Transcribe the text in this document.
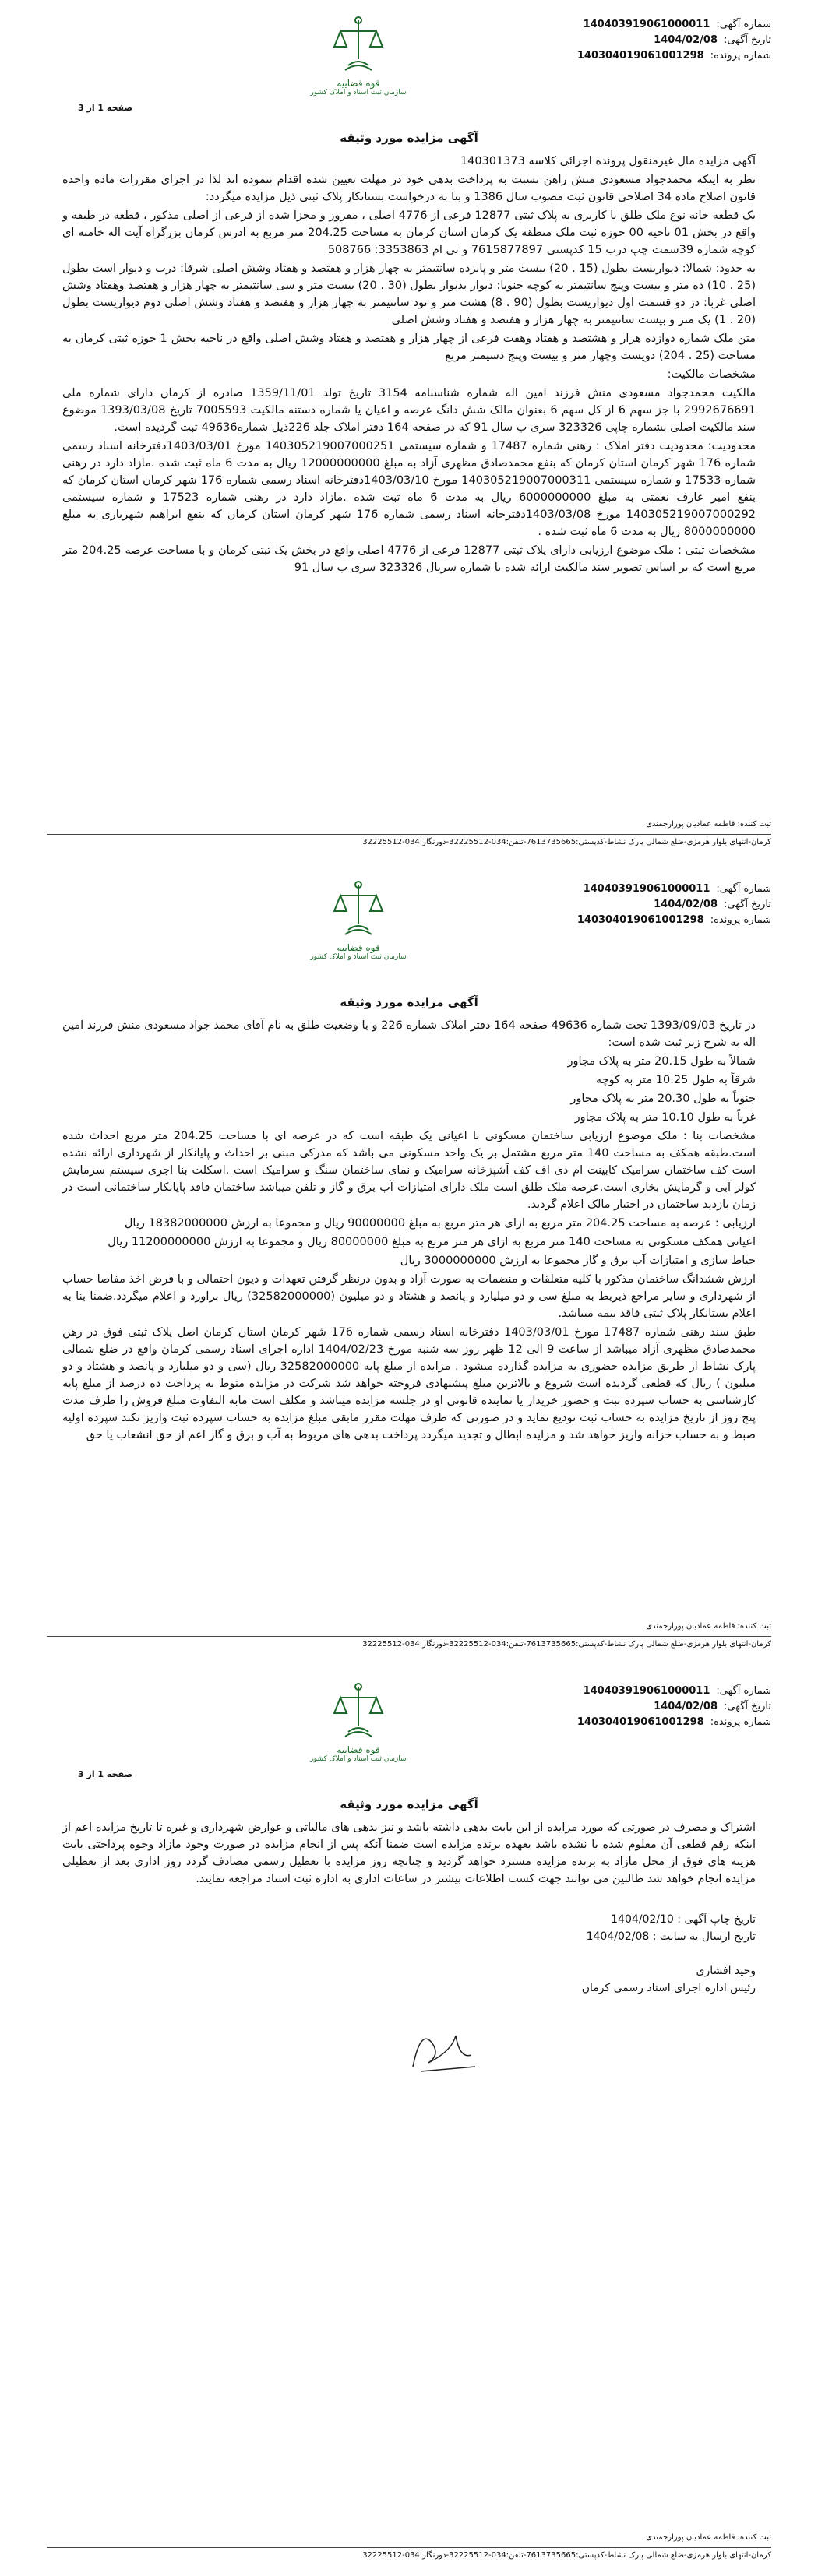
قوه قضاییه
سازمان ثبت اسناد و املاک کشور
شماره آگهی:140403919061000011
تاریخ آگهی:1404/02/08
شماره پرونده:140304019061001298
صفحه 1 از 3
آگهی مزایده مورد وثیقه

آگهی مزایده مال غیرمنقول پرونده اجرائی کلاسه 140301373

نظر به اینکه محمدجواد مسعودی منش راهن نسبت به پرداخت بدهی خود در مهلت تعیین شده اقدام ننموده اند لذا در اجرای مقررات ماده واحده قانون اصلاح ماده 34 اصلاحی قانون ثبت مصوب سال 1386 و بنا به درخواست بستانکار پلاک ثبتی ذیل مزایده میگردد:

یک قطعه خانه نوع ملک طلق با کاربری به پلاک ثبتی 12877 فرعی از 4776 اصلی ، مفروز و مجزا شده از فرعی از اصلی مذکور ، قطعه در طبقه و واقع در بخش 01 ناحیه 00 حوزه ثبت ملک منطقه یک کرمان استان کرمان به مساحت 204.25 متر مربع به ادرس کرمان بزرگراه آیت اله خامنه ای کوچه شماره 39سمت چپ درب 15 کدپستی 7615877897 و تی ام 3353863: 508766

به حدود: شمالا: دیواریست بطول (15 . 20) بیست متر و پانزده سانتیمتر به چهار هزار و هفتصد و هفتاد وشش اصلی شرقا: درب و دیوار است بطول (25 . 10) ده متر و بیست وپنج سانتیمتر به کوچه جنوبا: دیوار بدیوار بطول (30 . 20) بیست متر و سی سانتیمتر به چهار هزار و هفتصد وهفتاد وشش اصلی غربا: در دو قسمت اول دیواریست بطول (90 . 8) هشت متر و نود سانتیمتر به چهار هزار و هفتصد و هفتاد وشش اصلی دوم دیواریست بطول (20 . 1) یک متر و بیست سانتیمتر به چهار هزار و هفتصد و هفتاد وشش اصلی

متن ملک شماره دوازده هزار و هشتصد و هفتاد وهفت فرعی از چهار هزار و هفتصد و هفتاد وشش اصلی واقع در ناحیه بخش 1 حوزه ثبتی کرمان به مساحت (25 . 204) دویست وچهار متر و بیست وپنج دسیمتر مربع

مشخصات مالکیت:

مالکیت محمدجواد مسعودی منش فرزند امین اله شماره شناسنامه 3154 تاریخ تولد 1359/11/01 صادره از کرمان دارای شماره ملی 2992676691 با جز سهم 6 از کل سهم 6 بعنوان مالک شش دانگ عرصه و اعیان یا شماره دستنه مالکیت 7005593 تاریخ 1393/03/08 موضوع سند مالکیت اصلی بشماره چاپی 323326 سری ب سال 91 که در صفحه 164 دفتر املاک جلد 226ذیل شماره49636 ثبت گردیده است.

محدودیت: محدودیت دفتر املاک : رهنی شماره 17487 و شماره سیستمی 140305219007000251 مورخ 1403/03/01دفترخانه اسناد رسمی شماره 176 شهر کرمان استان کرمان که بنفع محمدصادق مظهری آزاد به مبلغ 12000000000 ریال به مدت 6 ماه ثبت شده .مازاد دارد در رهنی شماره 17533 و شماره سیستمی 140305219007000311 مورخ 1403/03/10دفترخانه اسناد رسمی شماره 176 شهر کرمان استان کرمان که بنفع امیر عارف نعمتی به مبلغ 6000000000 ریال به مدت 6 ماه ثبت شده .مازاد دارد در رهنی شماره 17523 و شماره سیستمی 140305219007000292 مورخ 1403/03/08دفترخانه اسناد رسمی شماره 176 شهر کرمان استان کرمان که بنفع ابراهیم شهریاری به مبلغ 8000000000 ریال به مدت 6 ماه ثبت شده .

مشخصات ثبتی : ملک موضوع ارزیابی دارای پلاک ثبتی 12877 فرعی از 4776 اصلی واقع در بخش یک ثبتی کرمان و با مساحت عرصه 204.25 متر مربع است که بر اساس تصویر سند مالکیت ارائه شده با شماره سریال 323326 سری ب سال 91

ثبت کننده: فاطمه عمادیان پورارجمندی
کرمان-انتهای بلوار هرمزی-ضلع شمالی پارک نشاط-کدپستی:7613735665-تلفن:034-32225512-دورنگار:034-32225512
قوه قضاییه
سازمان ثبت اسناد و املاک کشور
شماره آگهی:140403919061000011
تاریخ آگهی:1404/02/08
شماره پرونده:140304019061001298
آگهی مزایده مورد وثیقه

در تاریخ 1393/09/03 تحت شماره 49636 صفحه 164 دفتر املاک شماره 226 و با وضعیت طلق به نام آقای محمد جواد مسعودی منش فرزند امین اله به شرح زیر ثبت شده است:

شمالاً به طول 20.15 متر به پلاک مجاور

شرقاً به طول 10.25 متر به کوچه

جنوباً به طول 20.30 متر به پلاک مجاور

غرباً به طول 10.10 متر به پلاک مجاور

مشخصات بنا : ملک موضوع ارزیابی ساختمان مسکونی با اعیانی یک طبقه است که در عرصه ای با مساحت 204.25 متر مربع احداث شده است.طبقه همکف به مساحت 140 متر مربع مشتمل بر یک واحد مسکونی می باشد که مدرکی مبنی بر احداث و پایانکار از شهرداری ارائه نشده است کف ساختمان سرامیک کابینت ام دی اف کف آشپزخانه سرامیک و نمای ساختمان سنگ و سرامیک است .اسکلت بنا اجری سیستم سرمایش کولر آبی و گرمایش بخاری است.عرصه ملک طلق است ملک دارای امتیازات آب برق و گاز و تلفن میباشد ساختمان فاقد پایانکار ساختمانی است در زمان بازدید ساختمان در اختیار مالک اعلام گردید.

ارزیابی : عرصه به مساحت 204.25 متر مربع به ازای هر متر مربع به مبلغ 90000000 ریال و مجموعا به ارزش 18382000000 ریال

اعیانی همکف مسکونی به مساحت 140 متر مربع به ازای هر متر مربع به مبلغ 80000000 ریال و مجموعا به ارزش 11200000000 ریال

حیاط سازی و امتیازات آب برق و گاز مجموعا به ارزش 3000000000 ریال

ارزش ششدانگ ساختمان مذکور با کلیه متعلقات و منضمات به صورت آزاد و بدون درنظر گرفتن تعهدات و دیون احتمالی و با فرض اخذ مفاصا حساب از شهرداری و سایر مراجع ذیربط به مبلغ سی و دو میلیارد و پانصد و هشتاد و دو میلیون (32582000000) ریال براورد و اعلام میگردد.ضمنا بنا به اعلام بستانکار پلاک ثبتی فاقد بیمه میباشد.

طبق سند رهنی شماره 17487 مورخ 1403/03/01 دفترخانه اسناد رسمی شماره 176 شهر کرمان استان کرمان اصل پلاک ثبتی فوق در رهن محمدصادق مظهری آزاد میباشد از ساعت 9 الی 12 ظهر روز سه شنبه مورخ 1404/02/23 اداره اجرای اسناد رسمی کرمان واقع در ضلع شمالی پارک نشاط از طریق مزایده حضوری به مزایده گذارده میشود . مزایده از مبلغ پایه 32582000000 ریال (سی و دو میلیارد و پانصد و هشتاد و دو میلیون ) ریال که قطعی گردیده است شروع و بالاترین مبلغ پیشنهادی فروخته خواهد شد شرکت در مزایده منوط به پرداخت ده درصد از مبلغ پایه کارشناسی به حساب سپرده ثبت و حضور خریدار یا نماینده قانونی او در جلسه مزایده میباشد و مکلف است مابه التفاوت مبلغ فروش را ظرف مدت پنج روز از تاریخ مزایده به حساب ثبت تودیع نماید و در صورتی که ظرف مهلت مقرر مابقی مبلغ مزایده به حساب سپرده ثبت واریز نکند سپرده اولیه ضبط و به حساب خزانه واریز خواهد شد و مزایده ابطال و تجدید میگردد پرداخت بدهی های مربوط به آب و برق و گاز اعم از حق انشعاب یا حق

ثبت کننده: فاطمه عمادیان پورارجمندی
کرمان-انتهای بلوار هرمزی-ضلع شمالی پارک نشاط-کدپستی:7613735665-تلفن:034-32225512-دورنگار:034-32225512
قوه قضاییه
سازمان ثبت اسناد و املاک کشور
شماره آگهی:140403919061000011
تاریخ آگهی:1404/02/08
شماره پرونده:140304019061001298
صفحه 1 از 3
آگهی مزایده مورد وثیقه

اشتراک و مصرف در صورتی که مورد مزایده از این بابت بدهی داشته باشد و نیز بدهی های مالیاتی و عوارض شهرداری و غیره تا تاریخ مزایده اعم از اینکه رقم قطعی آن معلوم شده یا نشده باشد بعهده برنده مزایده است ضمنا آنکه پس از انجام مزایده در صورت وجود مازاد وجوه پرداختی بابت هزینه های فوق از محل مازاد به برنده مزایده مسترد خواهد گردید و چنانچه روز مزایده با تعطیل رسمی مصادف گردد روز اداری بعد از تعطیلی مزایده انجام خواهد شد طالبین می توانند جهت کسب اطلاعات بیشتر در ساعات اداری به اداره ثبت اسناد مراجعه نمایند.

تاریخ چاپ آگهی : 1404/02/10
تاریخ ارسال به سایت : 1404/02/08
وحید افشاری
رئیس اداره اجرای اسناد رسمی کرمان
ثبت کننده: فاطمه عمادیان پورارجمندی
کرمان-انتهای بلوار هرمزی-ضلع شمالی پارک نشاط-کدپستی:7613735665-تلفن:034-32225512-دورنگار:034-32225512
